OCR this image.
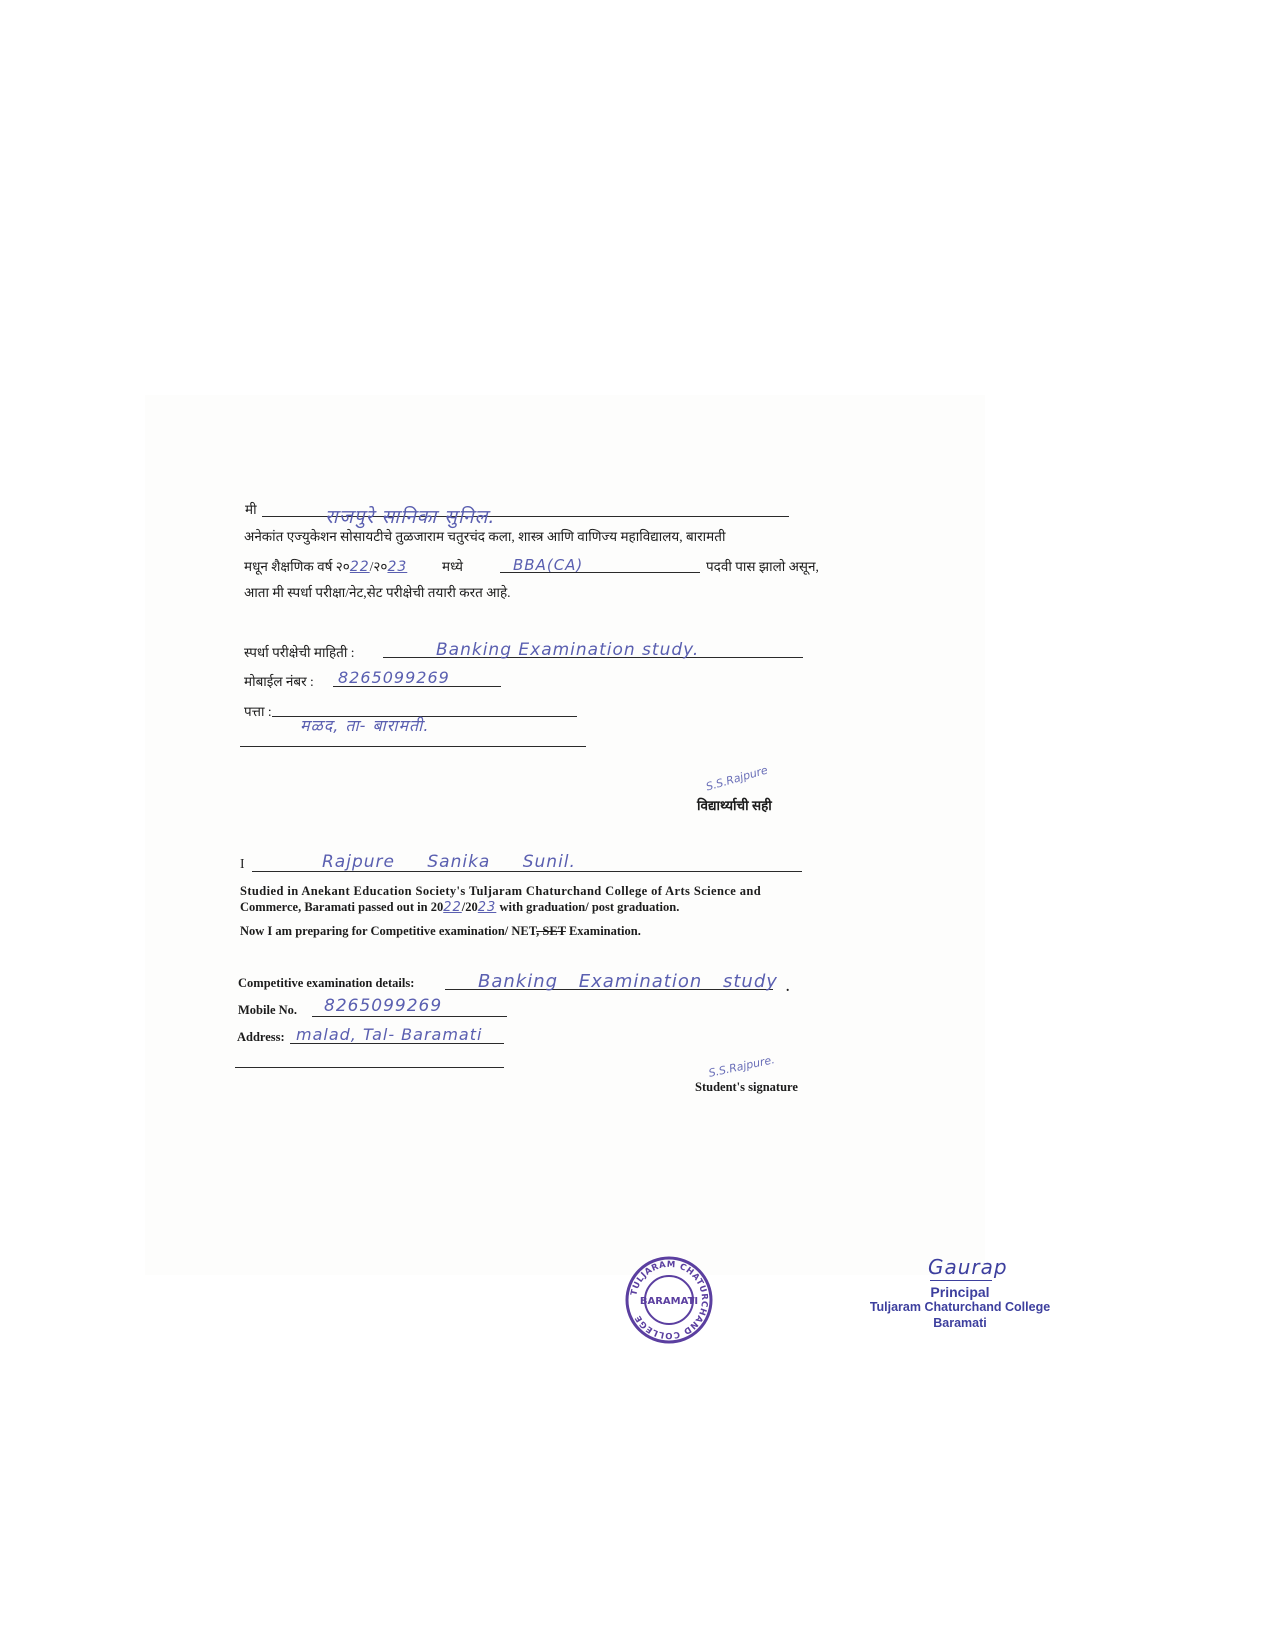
मी	राजपुरे सानिका सुनिल.
अनेकांत एज्युकेशन सोसायटीचे तुळजाराम चतुरचंद कला, शास्त्र आणि वाणिज्य महाविद्यालय, बारामती
मधून शैक्षणिक वर्ष २०22/२०23	मध्ये	BBA(CA)	पदवी पास झालो असून,
आता मी स्पर्धा परीक्षा/नेट,सेट परीक्षेची तयारी करत आहे.
स्पर्धा परीक्षेची माहिती :	Banking Examination study.
मोबाईल नंबर : 8265099269
पत्ता :
मळद, ता- बारामती.
S.S.Rajpure
विद्यार्थ्याची सही
I	Rajpure Sanika Sunil.
Studied in Anekant Education Society's Tuljaram Chaturchand College of Arts Science and
Commerce, Baramati passed out in 2022/2023 with graduation/ post graduation.
Now I am preparing for Competitive examination/ NET, SET Examination.
Competitive examination details:	Banking Examination study .
Mobile No. 8265099269
Address: malad, Tal- Baramati
S.S.Rajpure.
Student's signature
TULJARAM CHATURCHAND COLLEGE
BARAMATI
Gaurap
Principal
Tuljaram Chaturchand College
Baramati
